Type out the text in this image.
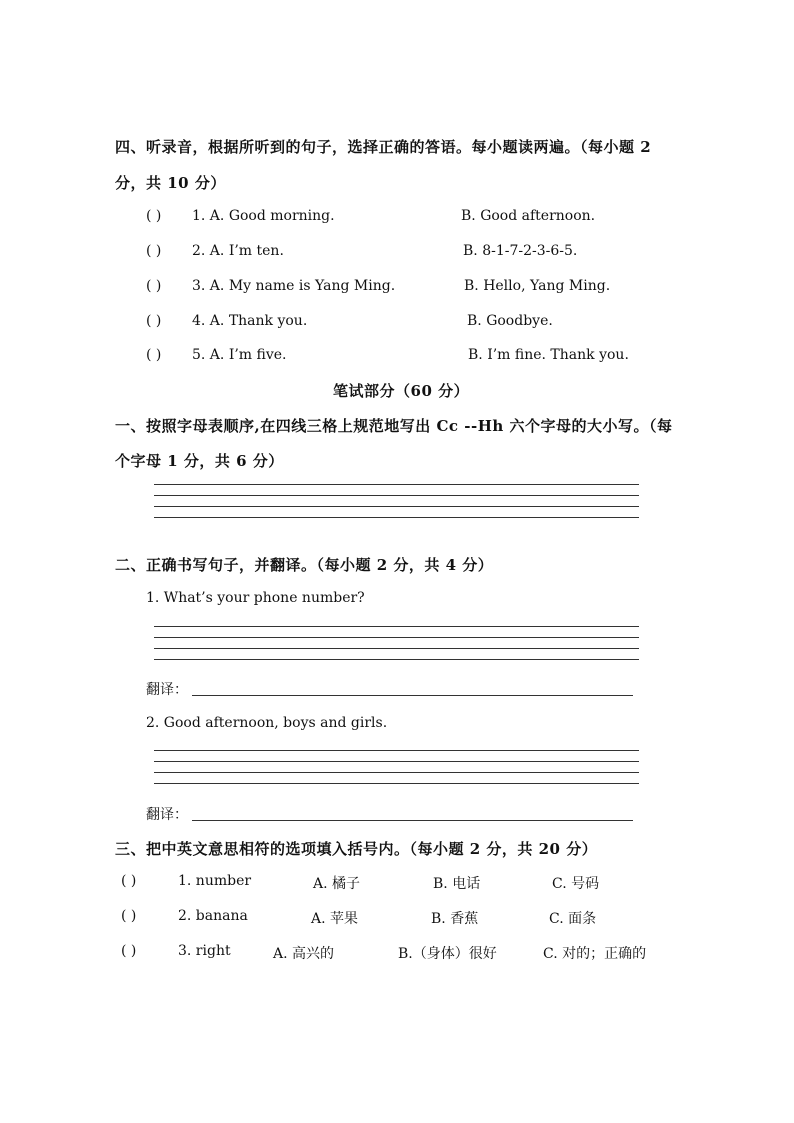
四、听录音，根据所听到的句子，选择正确的答语。每小题读两遍。（每小题 2
分，共 10 分）
( ) 1. A. Good morning.	B. Good afternoon.
( ) 2. A. I’m ten.	B. 8-1-7-2-3-6-5.
( ) 3. A. My name is Yang Ming.	B. Hello, Yang Ming.
( ) 4. A. Thank you.	B. Goodbye.
( ) 5. A. I’m five.	B. I’m fine. Thank you.
笔试部分（60 分）
一、按照字母表顺序,在四线三格上规范地写出 Cc --Hh 六个字母的大小写。（每
个字母 1 分，共 6 分）
二、正确书写句子，并翻译。（每小题 2 分，共 4 分）
1. What’s your phone number?
翻译：
2. Good afternoon, boys and girls.
翻译：
三、把中英文意思相符的选项填入括号内。（每小题 2 分，共 20 分）
( )	1. number	A. 橘子	B. 电话	C. 号码
( )	2. banana	A. 苹果	B. 香蕉	C. 面条
( )	3. right	A. 高兴的	B.（身体）很好	C. 对的；正确的
